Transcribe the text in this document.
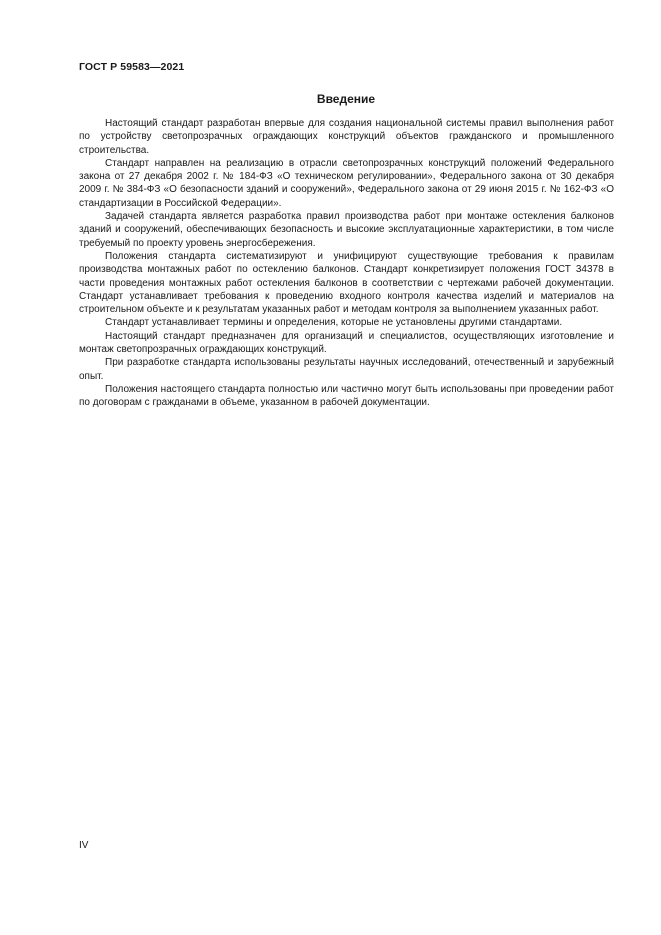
ГОСТ Р 59583—2021
Введение

Настоящий стандарт разработан впервые для создания национальной системы правил выполнения работ по устройству светопрозрачных ограждающих конструкций объектов гражданского и промышленного строительства.

Стандарт направлен на реализацию в отрасли светопрозрачных конструкций положений Федерального закона от 27 декабря 2002 г. № 184-ФЗ «О техническом регулировании», Федерального закона от 30 декабря 2009 г. № 384-ФЗ «О безопасности зданий и сооружений», Федерального закона от 29 июня 2015 г. № 162-ФЗ «О стандартизации в Российской Федерации».

Задачей стандарта является разработка правил производства работ при монтаже остекления балконов зданий и сооружений, обеспечивающих безопасность и высокие эксплуатационные характеристики, в том числе требуемый по проекту уровень энергосбережения.

Положения стандарта систематизируют и унифицируют существующие требования к правилам производства монтажных работ по остеклению балконов. Стандарт конкретизирует положения ГОСТ 34378 в части проведения монтажных работ остекления балконов в соответствии с чертежами рабочей документации. Стандарт устанавливает требования к проведению входного контроля качества изделий и материалов на строительном объекте и к результатам указанных работ и методам контроля за выполнением указанных работ.

Стандарт устанавливает термины и определения, которые не установлены другими стандартами.

Настоящий стандарт предназначен для организаций и специалистов, осуществляющих изготовление и монтаж светопрозрачных ограждающих конструкций.

При разработке стандарта использованы результаты научных исследований, отечественный и зарубежный опыт.

Положения настоящего стандарта полностью или частично могут быть использованы при проведении работ по договорам с гражданами в объеме, указанном в рабочей документации.

IV
